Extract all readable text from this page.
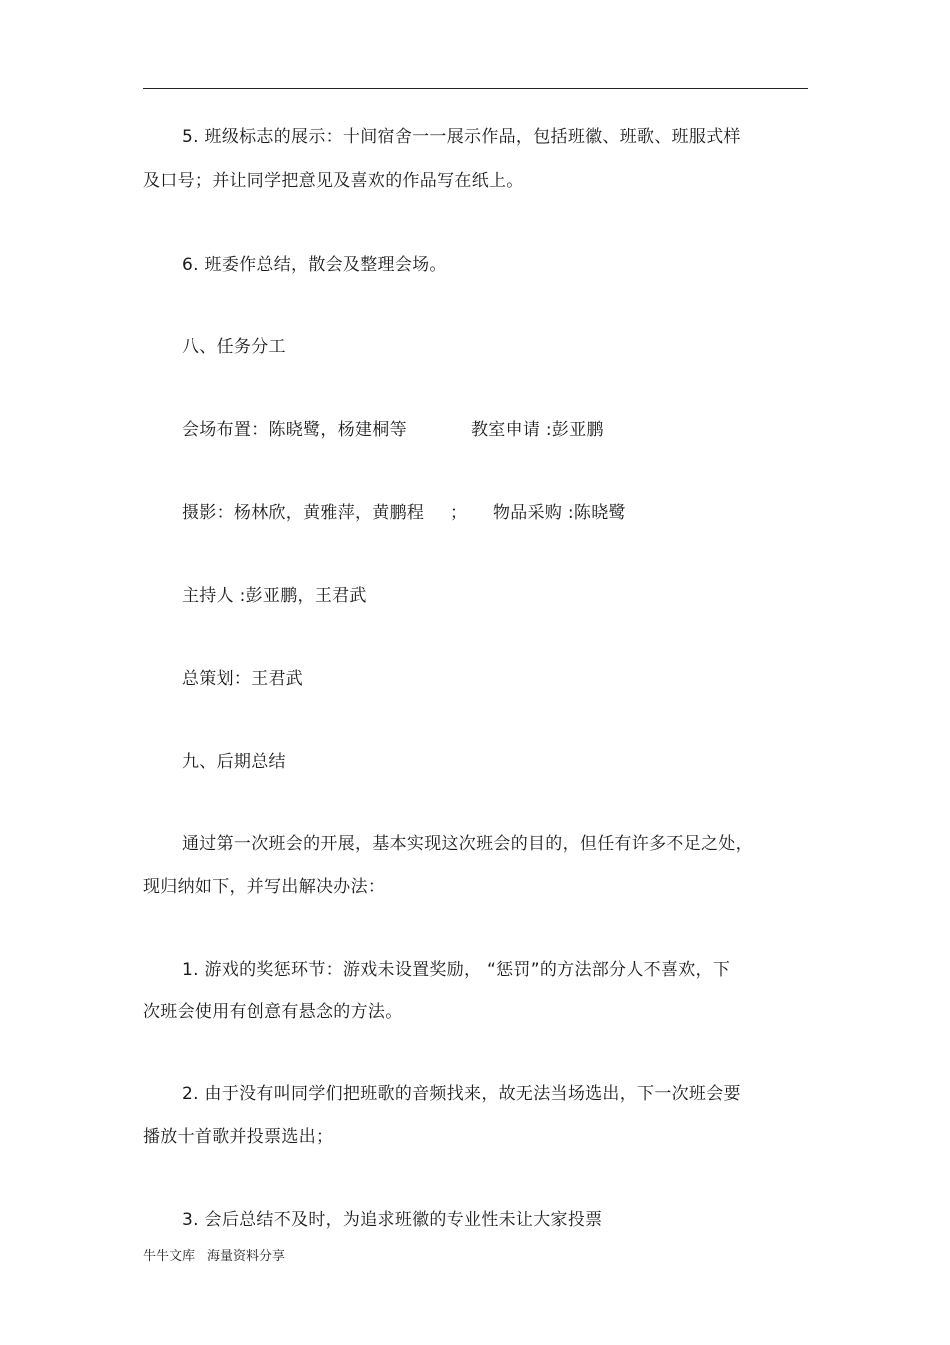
5. 班级标志的展示：十间宿舍一一展示作品，包括班徽、班歌、班服式样
及口号；并让同学把意见及喜欢的作品写在纸上。
6. 班委作总结，散会及整理会场。
八、任务分工
会场布置：陈晓鹭，杨建桐等	教室申请 :彭亚鹏
摄影：杨林欣，黄雅萍，黄鹏程 ； 物品采购 :陈晓鹭
主持人 :彭亚鹏，王君武
总策划：王君武
九、后期总结
通过第一次班会的开展，基本实现这次班会的目的，但任有许多不足之处，
现归纳如下，并写出解决办法：
1. 游戏的奖惩环节：游戏未设置奖励， “惩罚”的方法部分人不喜欢，下
次班会使用有创意有悬念的方法。
2. 由于没有叫同学们把班歌的音频找来，故无法当场选出，下一次班会要
播放十首歌并投票选出；
3. 会后总结不及时，为追求班徽的专业性未让大家投票
牛牛文库 海量资料分享
